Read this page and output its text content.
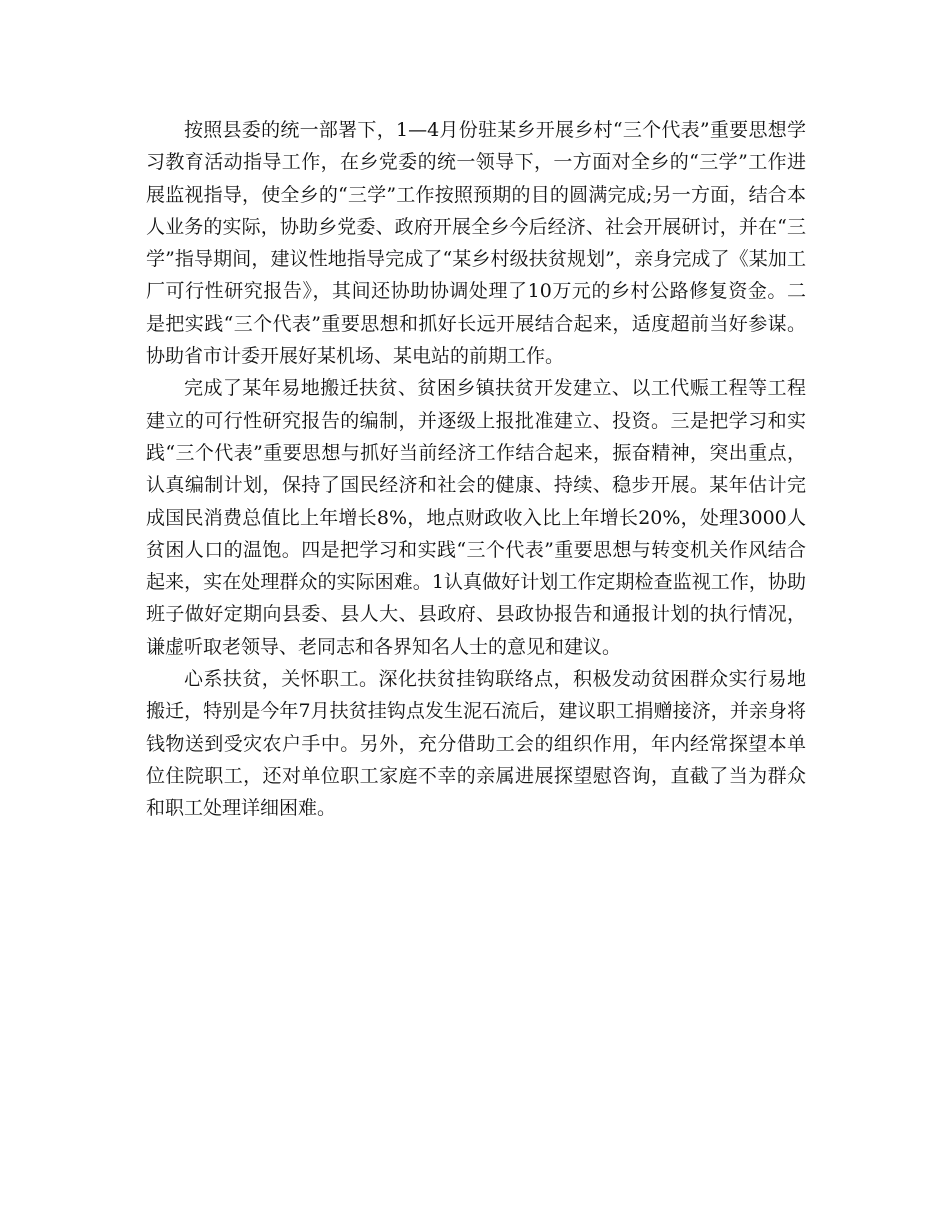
按照县委的统一部署下，1—4月份驻某乡开展乡村“三个代表”重要思想学习教育活动指导工作，在乡党委的统一领导下，一方面对全乡的“三学”工作进展监视指导，使全乡的“三学”工作按照预期的目的圆满完成;另一方面，结合本人业务的实际，协助乡党委、政府开展全乡今后经济、社会开展研讨，并在“三学”指导期间，建议性地指导完成了“某乡村级扶贫规划”，亲身完成了《某加工厂可行性研究报告》，其间还协助协调处理了10万元的乡村公路修复资金。二是把实践“三个代表”重要思想和抓好长远开展结合起来，适度超前当好参谋。协助省市计委开展好某机场、某电站的前期工作。

完成了某年易地搬迁扶贫、贫困乡镇扶贫开发建立、以工代赈工程等工程建立的可行性研究报告的编制，并逐级上报批准建立、投资。三是把学习和实践“三个代表”重要思想与抓好当前经济工作结合起来，振奋精神，突出重点，认真编制计划，保持了国民经济和社会的健康、持续、稳步开展。某年估计完成国民消费总值比上年增长8%，地点财政收入比上年增长20%，处理3000人贫困人口的温饱。四是把学习和实践“三个代表”重要思想与转变机关作风结合起来，实在处理群众的实际困难。1认真做好计划工作定期检查监视工作，协助班子做好定期向县委、县人大、县政府、县政协报告和通报计划的执行情况，谦虚听取老领导、老同志和各界知名人士的意见和建议。

心系扶贫，关怀职工。深化扶贫挂钩联络点，积极发动贫困群众实行易地搬迁，特别是今年7月扶贫挂钩点发生泥石流后，建议职工捐赠接济，并亲身将钱物送到受灾农户手中。另外，充分借助工会的组织作用，年内经常探望本单位住院职工，还对单位职工家庭不幸的亲属进展探望慰咨询，直截了当为群众和职工处理详细困难。
